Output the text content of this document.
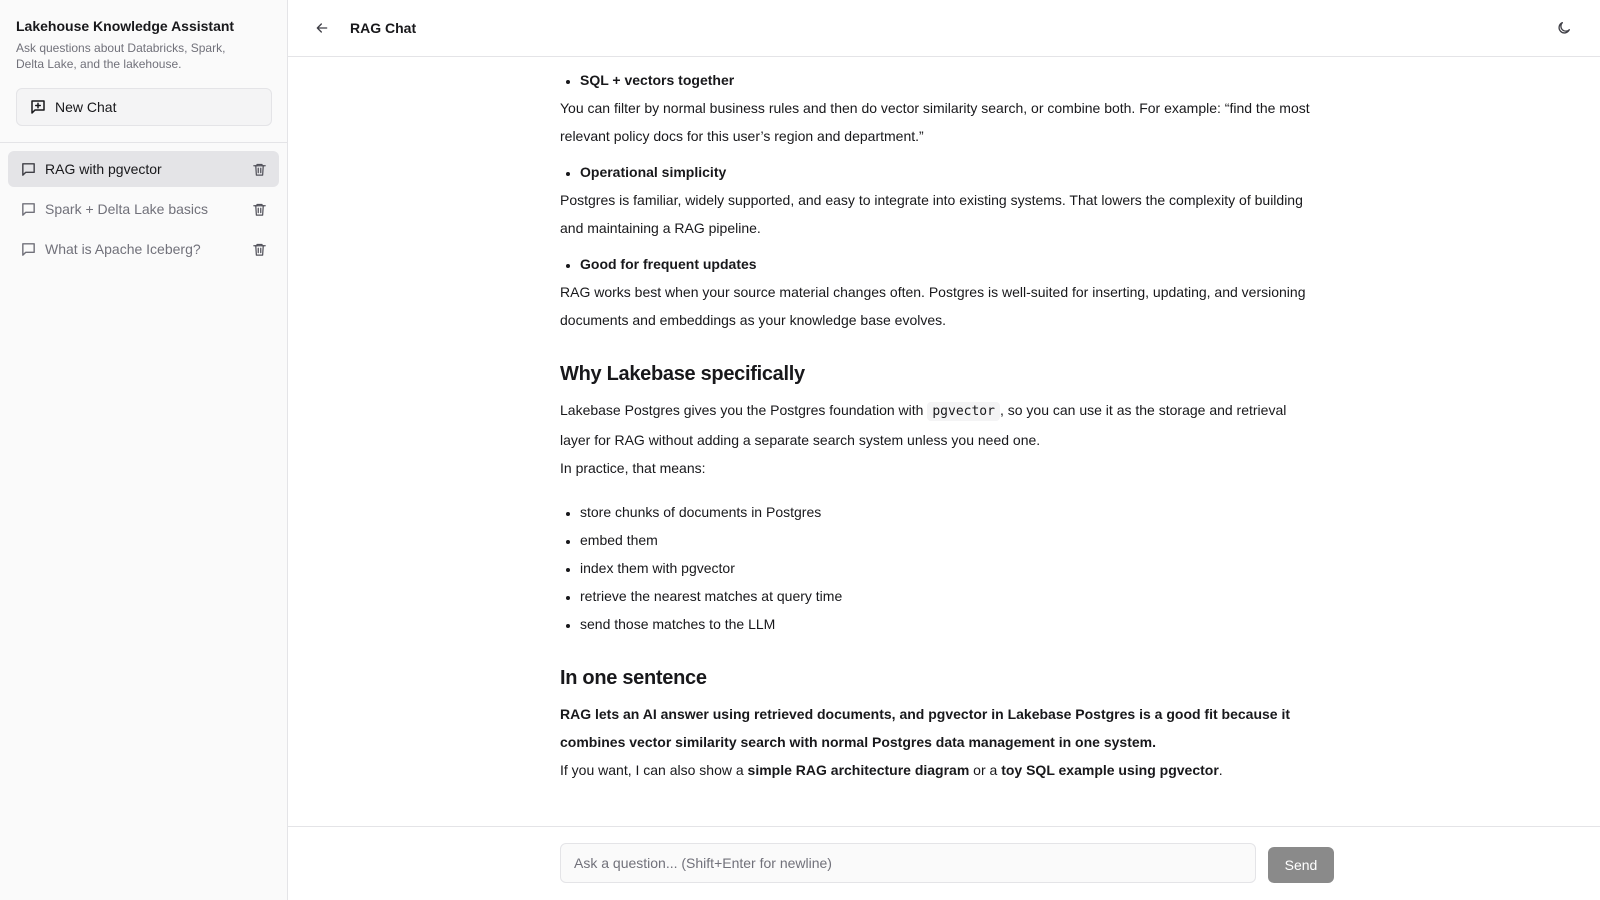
Lakehouse Knowledge Assistant
Ask questions about Databricks, Spark, Delta Lake, and the lakehouse.
New Chat
RAG with pgvector
Spark + Delta Lake basics
What is Apache Iceberg?
RAG Chat
• SQL + vectors together

You can filter by normal business rules and then do vector similarity search, or combine both. For example: “find the most relevant policy docs for this user’s region and department.”

• Operational simplicity

Postgres is familiar, widely supported, and easy to integrate into existing systems. That lowers the complexity of building and maintaining a RAG pipeline.

• Good for frequent updates

RAG works best when your source material changes often. Postgres is well-suited for inserting, updating, and versioning documents and embeddings as your knowledge base evolves.

Why Lakebase specifically

Lakebase Postgres gives you the Postgres foundation with pgvector , so you can use it as the storage and retrieval layer for RAG without adding a separate search system unless you need one.

In practice, that means:

• store chunks of documents in Postgres
• embed them
• index them with pgvector
• retrieve the nearest matches at query time
• send those matches to the LLM
In one sentence

RAG lets an AI answer using retrieved documents, and pgvector in Lakebase Postgres is a good fit because it combines vector similarity search with normal Postgres data management in one system.

If you want, I can also show a simple RAG architecture diagram or a toy SQL example using pgvector.

Ask a question... (Shift+Enter for newline)
Send
